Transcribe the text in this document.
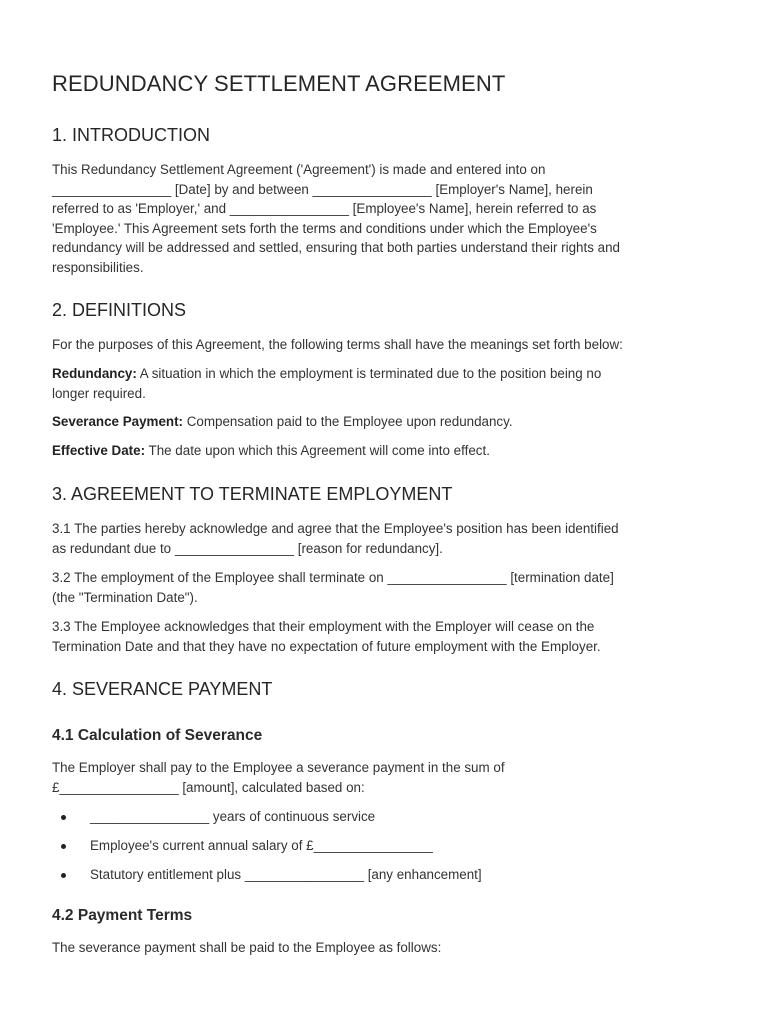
REDUNDANCY SETTLEMENT AGREEMENT
1. INTRODUCTION
This Redundancy Settlement Agreement ('Agreement') is made and entered into on
________________ [Date] by and between ________________ [Employer's Name], herein
referred to as 'Employer,' and ________________ [Employee's Name], herein referred to as
'Employee.' This Agreement sets forth the terms and conditions under which the Employee's
redundancy will be addressed and settled, ensuring that both parties understand their rights and
responsibilities.
2. DEFINITIONS
For the purposes of this Agreement, the following terms shall have the meanings set forth below:
Redundancy: A situation in which the employment is terminated due to the position being no
longer required.
Severance Payment: Compensation paid to the Employee upon redundancy.
Effective Date: The date upon which this Agreement will come into effect.
3. AGREEMENT TO TERMINATE EMPLOYMENT
3.1 The parties hereby acknowledge and agree that the Employee's position has been identified
as redundant due to ________________ [reason for redundancy].
3.2 The employment of the Employee shall terminate on ________________ [termination date]
(the "Termination Date").
3.3 The Employee acknowledges that their employment with the Employer will cease on the
Termination Date and that they have no expectation of future employment with the Employer.
4. SEVERANCE PAYMENT
4.1 Calculation of Severance
The Employer shall pay to the Employee a severance payment in the sum of
£________________ [amount], calculated based on:
________________ years of continuous service
Employee's current annual salary of £________________
Statutory entitlement plus ________________ [any enhancement]
4.2 Payment Terms
The severance payment shall be paid to the Employee as follows:
